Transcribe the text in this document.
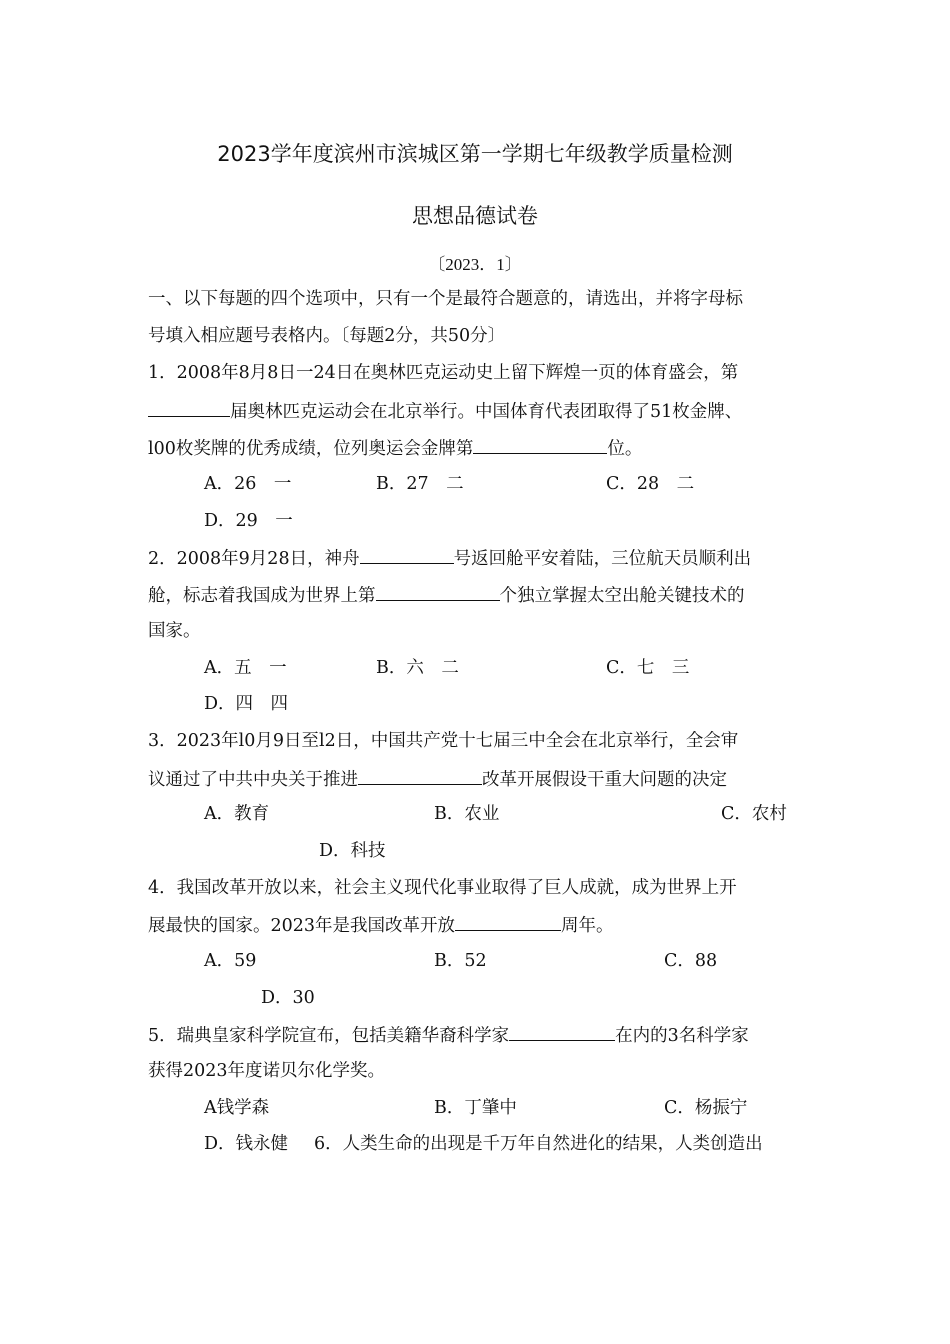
2023学年度滨州市滨城区第一学期七年级教学质量检测
思想品德试卷
〔2023．1〕
一、以下每题的四个选项中，只有一个是最符合题意的，请选出，并将字母标
号填入相应题号表格内。〔每题2分，共50分〕
1．2008年8月8日一24日在奥林匹克运动史上留下辉煌一页的体育盛会，第
届奥林匹克运动会在北京举行。中国体育代表团取得了51枚金牌、
l00枚奖牌的优秀成绩，位列奥运会金牌第	位。
A．26　一	B．27　二	C．28　二
D．29　一
2．2008年9月28日，神舟	号返回舱平安着陆，三位航天员顺利出
舱，标志着我国成为世界上第	个独立掌握太空出舱关键技术的
国家。
A．五　一	B．六　二	C．七　三
D．四　四
3．2023年l0月9日至l2日，中国共产党十七届三中全会在北京举行，全会审
议通过了中共中央关于推进	改革开展假设干重大问题的决定
A．教育	B．农业	C．农村
D．科技
4．我国改革开放以来，社会主义现代化事业取得了巨人成就，成为世界上开
展最快的国家。2023年是我国改革开放	周年。
A．59	B．52	C．88
D．30
5．瑞典皇家科学院宣布，包括美籍华裔科学家	在内的3名科学家
获得2023年度诺贝尔化学奖。
A钱学森	B．丁肇中	C．杨振宁
D．钱永健 6．人类生命的出现是千万年自然进化的结果，人类创造出
